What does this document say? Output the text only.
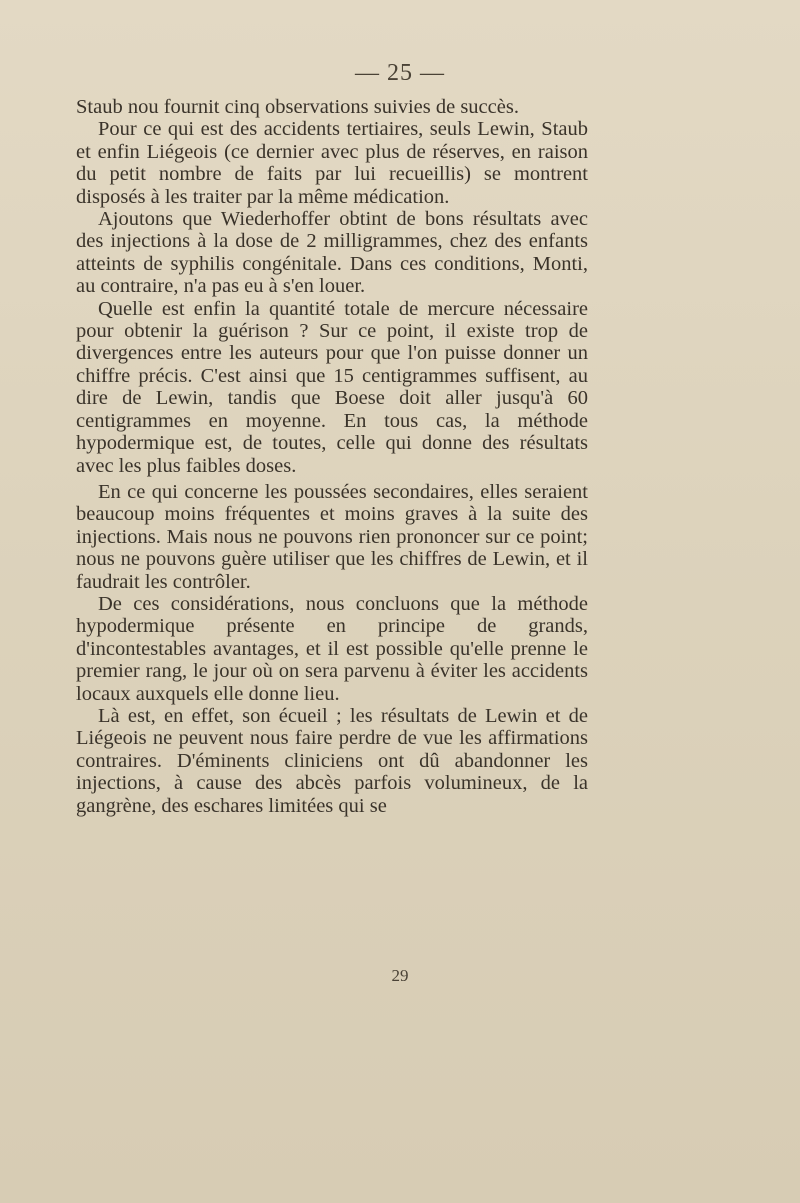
— 25 —

Staub nou fournit cinq observations suivies de succès.

Pour ce qui est des accidents tertiaires, seuls Lewin, Staub et enfin Liégeois (ce dernier avec plus de réserves, en raison du petit nombre de faits par lui recueillis) se montrent disposés à les traiter par la même médication.

Ajoutons que Wiederhoffer obtint de bons résultats avec des injections à la dose de 2 milligrammes, chez des enfants atteints de syphilis congénitale. Dans ces conditions, Monti, au contraire, n'a pas eu à s'en louer.

Quelle est enfin la quantité totale de mercure nécessaire pour obtenir la guérison ? Sur ce point, il existe trop de divergences entre les auteurs pour que l'on puisse donner un chiffre précis. C'est ainsi que 15 centigrammes suffisent, au dire de Lewin, tandis que Boese doit aller jusqu'à 60 centigrammes en moyenne. En tous cas, la méthode hypodermique est, de toutes, celle qui donne des résultats avec les plus faibles doses.

En ce qui concerne les poussées secondaires, elles seraient beaucoup moins fréquentes et moins graves à la suite des injections. Mais nous ne pouvons rien prononcer sur ce point; nous ne pouvons guère utiliser que les chiffres de Lewin, et il faudrait les contrôler.

De ces considérations, nous concluons que la méthode hypodermique présente en principe de grands, d'incontestables avantages, et il est possible qu'elle prenne le premier rang, le jour où on sera parvenu à éviter les accidents locaux auxquels elle donne lieu.

Là est, en effet, son écueil ; les résultats de Lewin et de Liégeois ne peuvent nous faire perdre de vue les affirmations contraires. D'éminents cliniciens ont dû abandonner les injections, à cause des abcès parfois volumineux, de la gangrène, des eschares limitées qui se

29
